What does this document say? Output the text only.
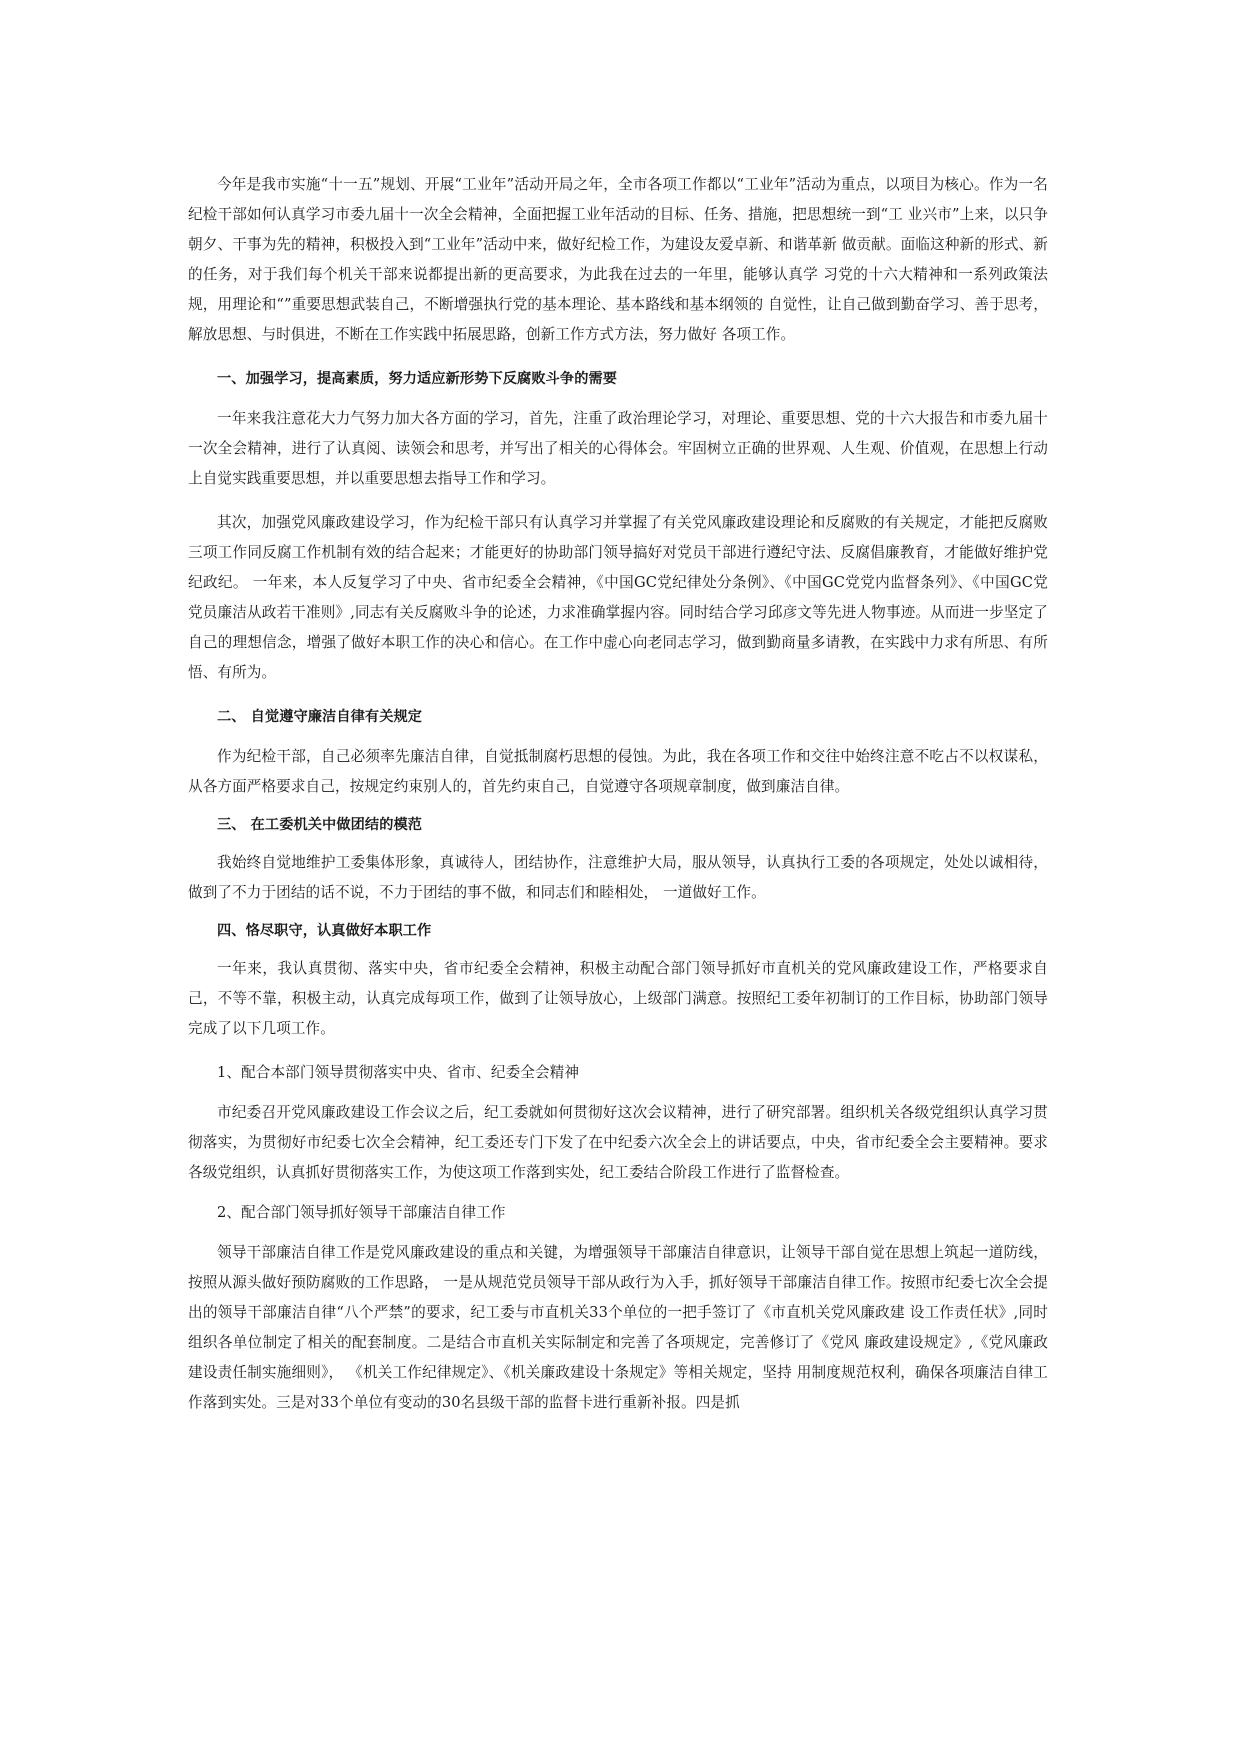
今年是我市实施“十一五”规划、开展“工业年”活动开局之年，全市各项工作都以“工业年”活动为重点，以项目为核心。作为一名纪检干部如何认真学习市委九届十一次全会精神，全面把握工业年活动的目标、任务、措施，把思想统一到“工 业兴市”上来，以只争朝夕、干事为先的精神，积极投入到“工业年”活动中来，做好纪检工作，为建设友爱卓新、和谐革新 做贡献。面临这种新的形式、新的任务，对于我们每个机关干部来说都提出新的更高要求，为此我在过去的一年里，能够认真学 习党的十六大精神和一系列政策法规，用理论和“”重要思想武装自己，不断增强执行党的基本理论、基本路线和基本纲领的 自觉性，让自己做到勤奋学习、善于思考，解放思想、与时俱进，不断在工作实践中拓展思路，创新工作方式方法，努力做好 各项工作。

一、加强学习，提高素质，努力适应新形势下反腐败斗争的需要

一年来我注意花大力气努力加大各方面的学习，首先，注重了政治理论学习，对理论、重要思想、党的十六大报告和市委九届十一次全会精神，进行了认真阅、读领会和思考，并写出了相关的心得体会。牢固树立正确的世界观、人生观、价值观，在思想上行动上自觉实践重要思想，并以重要思想去指导工作和学习。

其次，加强党风廉政建设学习，作为纪检干部只有认真学习并掌握了有关党风廉政建设理论和反腐败的有关规定，才能把反腐败三项工作同反腐工作机制有效的结合起来；才能更好的协助部门领导搞好对党员干部进行遵纪守法、反腐倡廉教育，才能做好维护党纪政纪。 一年来，本人反复学习了中央、省市纪委全会精神，《中国GC党纪律处分条例》、《中国GC党党内监督条列》、《中国GC党党员廉洁从政若干准则》,同志有关反腐败斗争的论述，力求准确掌握内容。同时结合学习邱彦文等先进人物事迹。从而进一步坚定了自己的理想信念，增强了做好本职工作的决心和信心。在工作中虚心向老同志学习，做到勤商量多请教，在实践中力求有所思、有所悟、有所为。

二、 自觉遵守廉洁自律有关规定

作为纪检干部，自己必须率先廉洁自律，自觉抵制腐朽思想的侵蚀。为此，我在各项工作和交往中始终注意不吃占不以权谋私，从各方面严格要求自己，按规定约束别人的，首先约束自己，自觉遵守各项规章制度，做到廉洁自律。

三、 在工委机关中做团结的模范

我始终自觉地维护工委集体形象，真诚待人，团结协作，注意维护大局，服从领导，认真执行工委的各项规定，处处以诚相待，做到了不力于团结的话不说，不力于团结的事不做，和同志们和睦相处， 一道做好工作。

四、恪尽职守，认真做好本职工作

一年来，我认真贯彻、落实中央，省市纪委全会精神，积极主动配合部门领导抓好市直机关的党风廉政建设工作，严格要求自己，不等不靠，积极主动，认真完成每项工作，做到了让领导放心，上级部门满意。按照纪工委年初制订的工作目标，协助部门领导完成了以下几项工作。

1、配合本部门领导贯彻落实中央、省市、纪委全会精神

市纪委召开党风廉政建设工作会议之后，纪工委就如何贯彻好这次会议精神，进行了研究部署。组织机关各级党组织认真学习贯彻落实，为贯彻好市纪委七次全会精神，纪工委还专门下发了在中纪委六次全会上的讲话要点，中央，省市纪委全会主要精神。要求各级党组织，认真抓好贯彻落实工作，为使这项工作落到实处，纪工委结合阶段工作进行了监督检查。

2、配合部门领导抓好领导干部廉洁自律工作

领导干部廉洁自律工作是党风廉政建设的重点和关键，为增强领导干部廉洁自律意识，让领导干部自觉在思想上筑起一道防线，按照从源头做好预防腐败的工作思路， 一是从规范党员领导干部从政行为入手，抓好领导干部廉洁自律工作。按照市纪委七次全会提出的领导干部廉洁自律“八个严禁”的要求，纪工委与市直机关33个单位的一把手签订了《市直机关党风廉政建 设工作责任状》,同时组织各单位制定了相关的配套制度。二是结合市直机关实际制定和完善了各项规定，完善修订了《党风 廉政建设规定》,《党风廉政建设责任制实施细则》， 《机关工作纪律规定》、《机关廉政建设十条规定》等相关规定，坚持 用制度规范权利，确保各项廉洁自律工作落到实处。三是对33个单位有变动的30名县级干部的监督卡进行重新补报。四是抓
